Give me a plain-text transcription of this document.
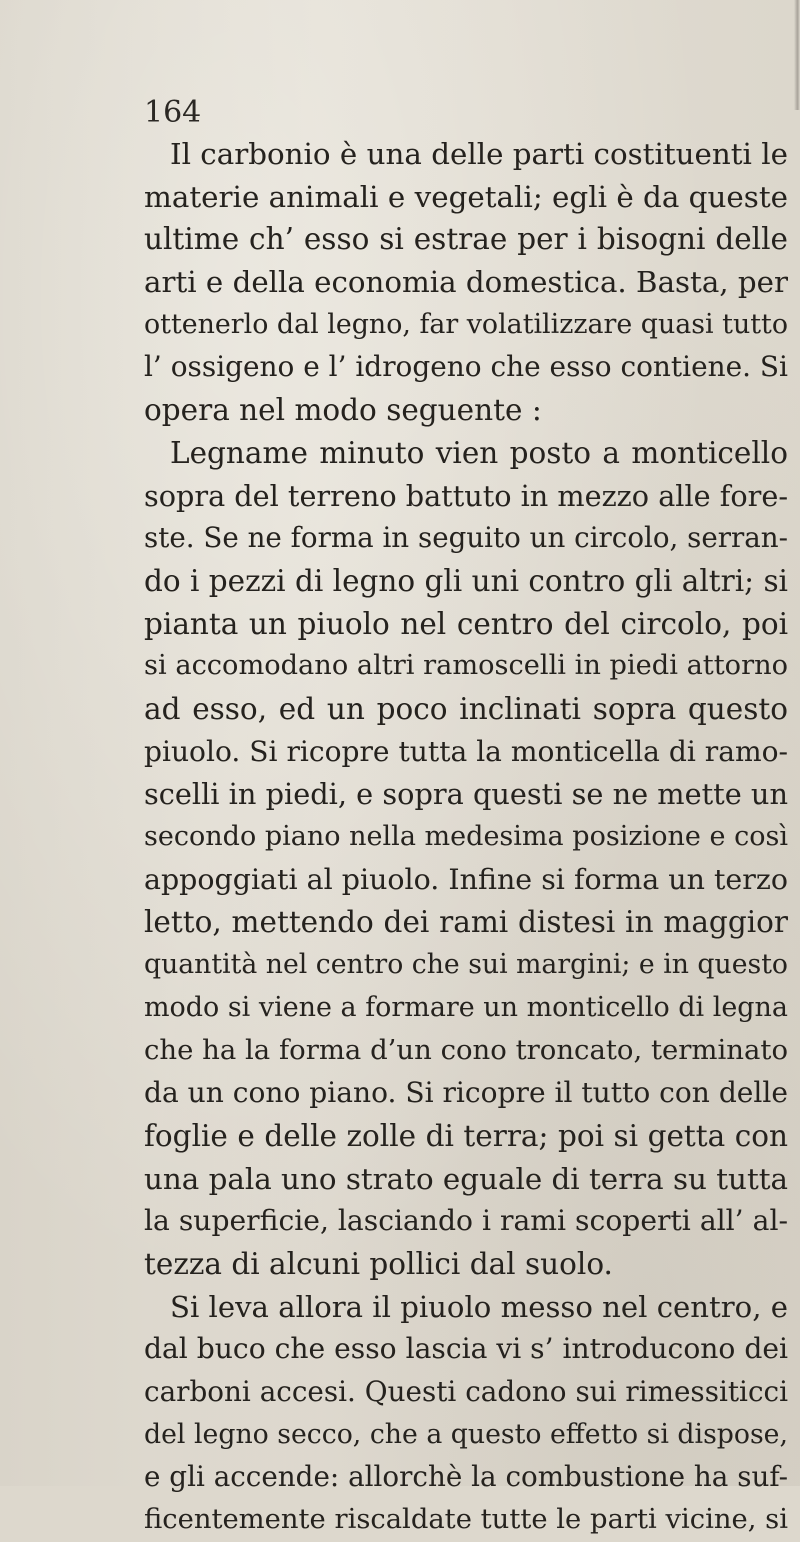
164
Il carbonio è una delle parti costituenti le
materie animali e vegetali; egli è da queste
ultime ch’ esso si estrae per i bisogni delle
arti e della economia domestica. Basta, per
ottenerlo dal legno, far volatilizzare quasi tutto
l’ ossigeno e l’ idrogeno che esso contiene. Si
opera nel modo seguente :
Legname minuto vien posto a monticello
sopra del terreno battuto in mezzo alle fore-
ste. Se ne forma in seguito un circolo, serran-
do i pezzi di legno gli uni contro gli altri; si
pianta un piuolo nel centro del circolo, poi
si accomodano altri ramoscelli in piedi attorno
ad esso, ed un poco inclinati sopra questo
piuolo. Si ricopre tutta la monticella di ramo-
scelli in piedi, e sopra questi se ne mette un
secondo piano nella medesima posizione e così
appoggiati al piuolo. Infine si forma un terzo
letto, mettendo dei rami distesi in maggior
quantità nel centro che sui margini; e in questo
modo si viene a formare un monticello di legna
che ha la forma d’un cono troncato, terminato
da un cono piano. Si ricopre il tutto con delle
foglie e delle zolle di terra; poi si getta con
una pala uno strato eguale di terra su tutta
la superficie, lasciando i rami scoperti all’ al-
tezza di alcuni pollici dal suolo.
Si leva allora il piuolo messo nel centro, e
dal buco che esso lascia vi s’ introducono dei
carboni accesi. Questi cadono sui rimessiticci
del legno secco, che a questo effetto si dispose,
e gli accende: allorchè la combustione ha suf-
ficentemente riscaldate tutte le parti vicine, si
